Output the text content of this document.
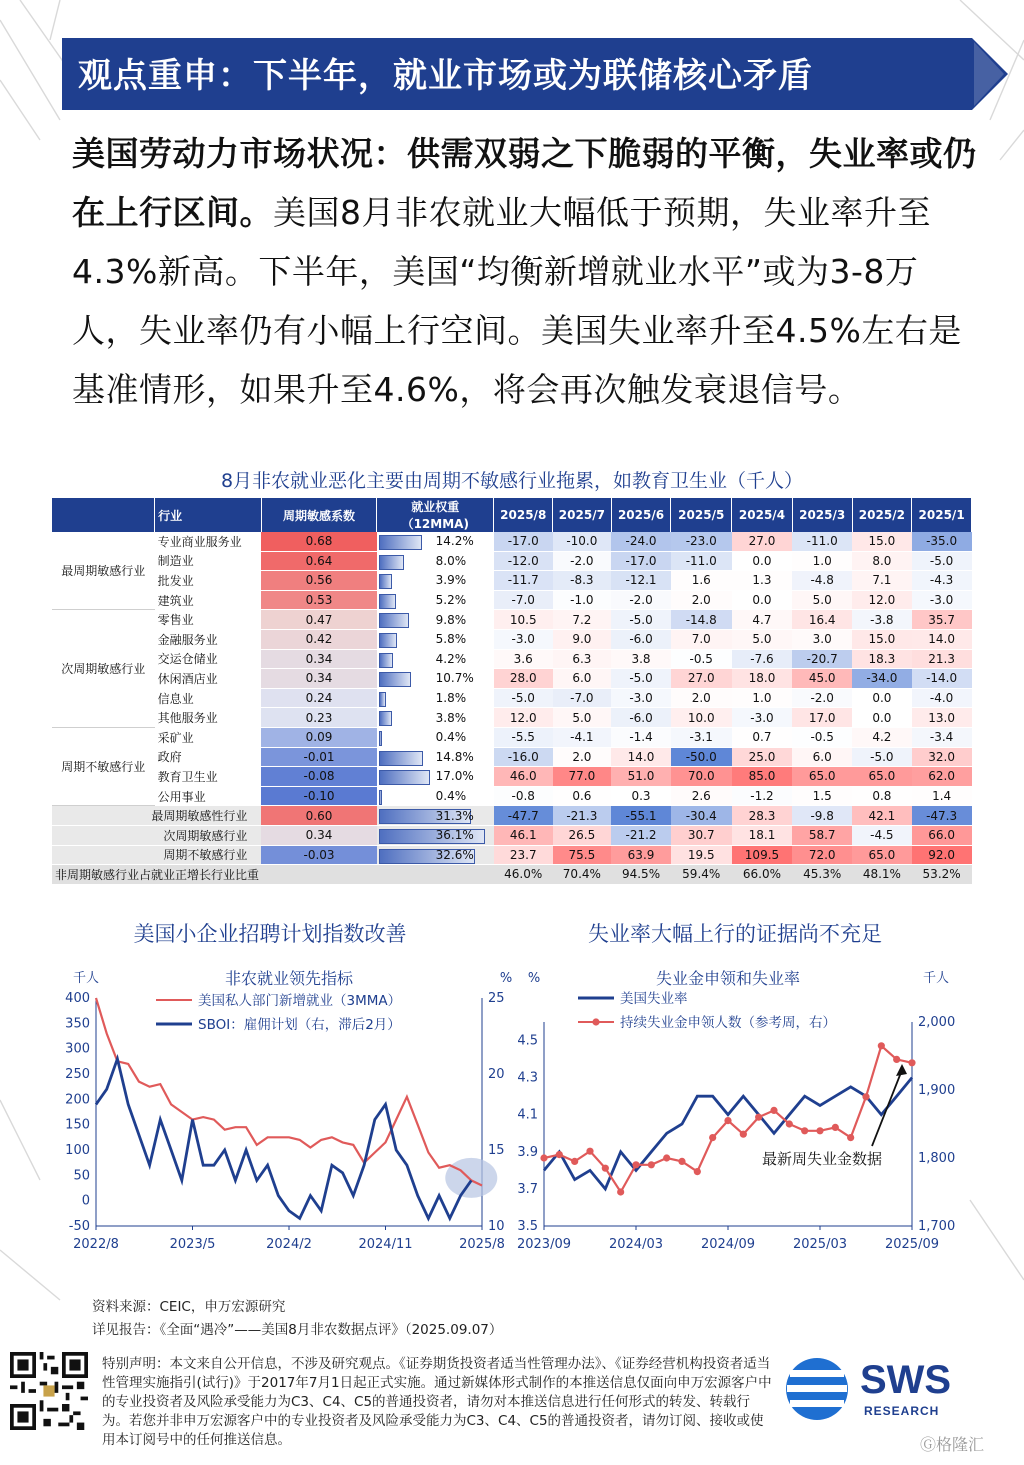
观点重申：下半年，就业市场或为联储核心矛盾
美国劳动力市场状况：供需双弱之下脆弱的平衡，失业率或仍在上行区间。美国8月非农就业大幅低于预期，失业率升至4.3%新高。下半年，美国“均衡新增就业水平”或为3-8万人，失业率仍有小幅上行空间。美国失业率升至4.5%左右是基准情形，如果升至4.6%，将会再次触发衰退信号。
8月非农就业恶化主要由周期不敏感行业拖累，如教育卫生业（千人）
	行业	周期敏感系数	就业权重（12MMA)	2025/8	2025/7	2025/6	2025/5	2025/4	2025/3	2025/2	2025/1
最周期敏感行业	专业商业服务业	0.68	14.2%	-17.0	-10.0	-24.0	-23.0	27.0	-11.0	15.0	-35.0
	制造业	0.64	8.0%	-12.0	-2.0	-17.0	-11.0	0.0	1.0	8.0	-5.0
	批发业	0.56	3.9%	-11.7	-8.3	-12.1	1.6	1.3	-4.8	7.1	-4.3
	建筑业	0.53	5.2%	-7.0	-1.0	-2.0	2.0	0.0	5.0	12.0	-3.0
次周期敏感行业	零售业	0.47	9.8%	10.5	7.2	-5.0	-14.8	4.7	16.4	-3.8	35.7
	金融服务业	0.42	5.8%	-3.0	9.0	-6.0	7.0	5.0	3.0	15.0	14.0
	交运仓储业	0.34	4.2%	3.6	6.3	3.8	-0.5	-7.6	-20.7	18.3	21.3
	休闲酒店业	0.34	10.7%	28.0	6.0	-5.0	27.0	18.0	45.0	-34.0	-14.0
	信息业	0.24	1.8%	-5.0	-7.0	-3.0	2.0	1.0	-2.0	0.0	-4.0
	其他服务业	0.23	3.8%	12.0	5.0	-6.0	10.0	-3.0	17.0	0.0	13.0
周期不敏感行业	采矿业	0.09	0.4%	-5.5	-4.1	-1.4	-3.1	0.7	-0.5	4.2	-3.4
	政府	-0.01	14.8%	-16.0	2.0	14.0	-50.0	25.0	6.0	-5.0	32.0
	教育卫生业	-0.08	17.0%	46.0	77.0	51.0	70.0	85.0	65.0	65.0	62.0
	公用事业	-0.10	0.4%	-0.8	0.6	0.3	2.6	-1.2	1.5	0.8	1.4
最周期敏感性行业		0.60	31.3%	-47.7	-21.3	-55.1	-30.4	28.3	-9.8	42.1	-47.3
次周期敏感行业		0.34	36.1%	46.1	26.5	-21.2	30.7	18.1	58.7	-4.5	66.0
周期不敏感行业		-0.03	32.6%	23.7	75.5	63.9	19.5	109.5	72.0	65.0	92.0
非周期敏感行业占就业正增长行业比重				46.0%	70.4%	94.5%	59.4%	66.0%	45.3%	48.1%	53.2%
美国小企业招聘计划指数改善	失业率大幅上行的证据尚不充足
非农就业领先指标
千人	%
400
350
300
250
200
150
100
50
0
-50
25
20
15
10
2022/8	2023/5	2024/2	2024/11	2025/8
美国私人部门新增就业（3MMA）
SBOI：雇佣计划（右，滞后2月）
失业金申领和失业率
%	千人
4.5
4.3
4.1
3.9
3.7
3.5
2,000
1,900
1,800
1,700
2023/09	2024/03	2024/09	2025/03	2025/09
美国失业率
持续失业金申领人数（参考周，右）
最新周失业金数据
资料来源：CEIC，申万宏源研究
详见报告：《全面“遇冷”——美国8月非农数据点评》（2025.09.07）
特别声明：本文来自公开信息，不涉及研究观点。《证券期货投资者适当性管理办法》、《证券经营机构投资者适当性管理实施指引(试行)》于2017年7月1日起正式实施。通过新媒体形式制作的本推送信息仅面向申万宏源客户中的专业投资者及风险承受能力为C3、C4、C5的普通投资者，请勿对本推送信息进行任何形式的转发、转载行为。若您并非申万宏源客户中的专业投资者及风险承受能力为C3、C4、C5的普通投资者，请勿订阅、接收或使用本订阅号中的任何推送信息。
SWS
RESEARCH
Ⓖ格隆汇
